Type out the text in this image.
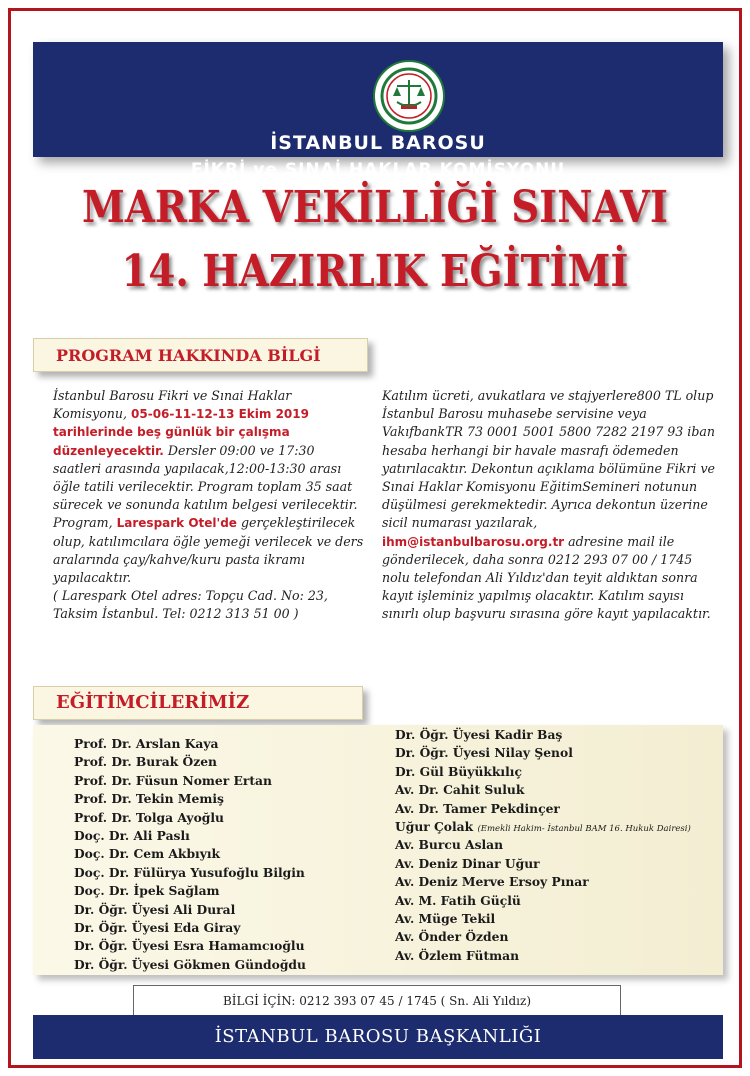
İSTANBUL BAROSU
FİKRİ ve SINAİ HAKLAR KOMİSYONU
MARKA VEKİLLİĞİ SINAVI
14. HAZIRLIK EĞİTİMİ
PROGRAM HAKKINDA BİLGİ
İstanbul Barosu Fikri ve Sınai Haklar Komisyonu, 05-06-11-12-13 Ekim 2019 tarihlerinde beş günlük bir çalışma düzenleyecektir. Dersler 09:00 ve 17:30 saatleri arasında yapılacak,12:00-13:30 arası öğle tatili verilecektir. Program toplam 35 saat sürecek ve sonunda katılım belgesi verilecektir. Program, Larespark Otel'de gerçekleştirilecek olup, katılımcılara öğle yemeği verilecek ve ders aralarında çay/kahve/kuru pasta ikramı yapılacaktır.
( Larespark Otel adres: Topçu Cad. No: 23, Taksim İstanbul. Tel: 0212 313 51 00 )
Katılım ücreti, avukatlara ve stajyerlere800 TL olup İstanbul Barosu muhasebe servisine veya VakıfbankTR 73 0001 5001 5800 7282 2197 93 iban hesaba herhangi bir havale masrafı ödemeden yatırılacaktır. Dekontun açıklama bölümüne Fikri ve Sınai Haklar Komisyonu EğitimSemineri notunun düşülmesi gerekmektedir. Ayrıca dekontun üzerine sicil numarası yazılarak, ihm@istanbulbarosu.org.tr adresine mail ile gönderilecek, daha sonra 0212 293 07 00 / 1745 nolu telefondan Ali Yıldız'dan teyit aldıktan sonra kayıt işleminiz yapılmış olacaktır. Katılım sayısı sınırlı olup başvuru sırasına göre kayıt yapılacaktır.
EĞİTİMCİLERİMİZ
Prof. Dr. Arslan Kaya
Prof. Dr. Burak Özen
Prof. Dr. Füsun Nomer Ertan
Prof. Dr. Tekin Memiş
Prof. Dr. Tolga Ayoğlu
Doç. Dr. Ali Paslı
Doç. Dr. Cem Akbıyık
Doç. Dr. Fülürya Yusufoğlu Bilgin
Doç. Dr. İpek Sağlam
Dr. Öğr. Üyesi Ali Dural
Dr. Öğr. Üyesi Eda Giray
Dr. Öğr. Üyesi Esra Hamamcıoğlu
Dr. Öğr. Üyesi Gökmen Gündoğdu
Dr. Öğr. Üyesi Kadir Baş
Dr. Öğr. Üyesi Nilay Şenol
Dr. Gül Büyükkılıç
Av. Dr. Cahit Suluk
Av. Dr. Tamer Pekdinçer
Uğur Çolak (Emekli Hakim- İstanbul BAM 16. Hukuk Dairesi)
Av. Burcu Aslan
Av. Deniz Dinar Uğur
Av. Deniz Merve Ersoy Pınar
Av. M. Fatih Güçlü
Av. Müge Tekil
Av. Önder Özden
Av. Özlem Fütman
BİLGİ İÇİN: 0212 393 07 45 / 1745 ( Sn. Ali Yıldız)
İSTANBUL BAROSU BAŞKANLIĞI
